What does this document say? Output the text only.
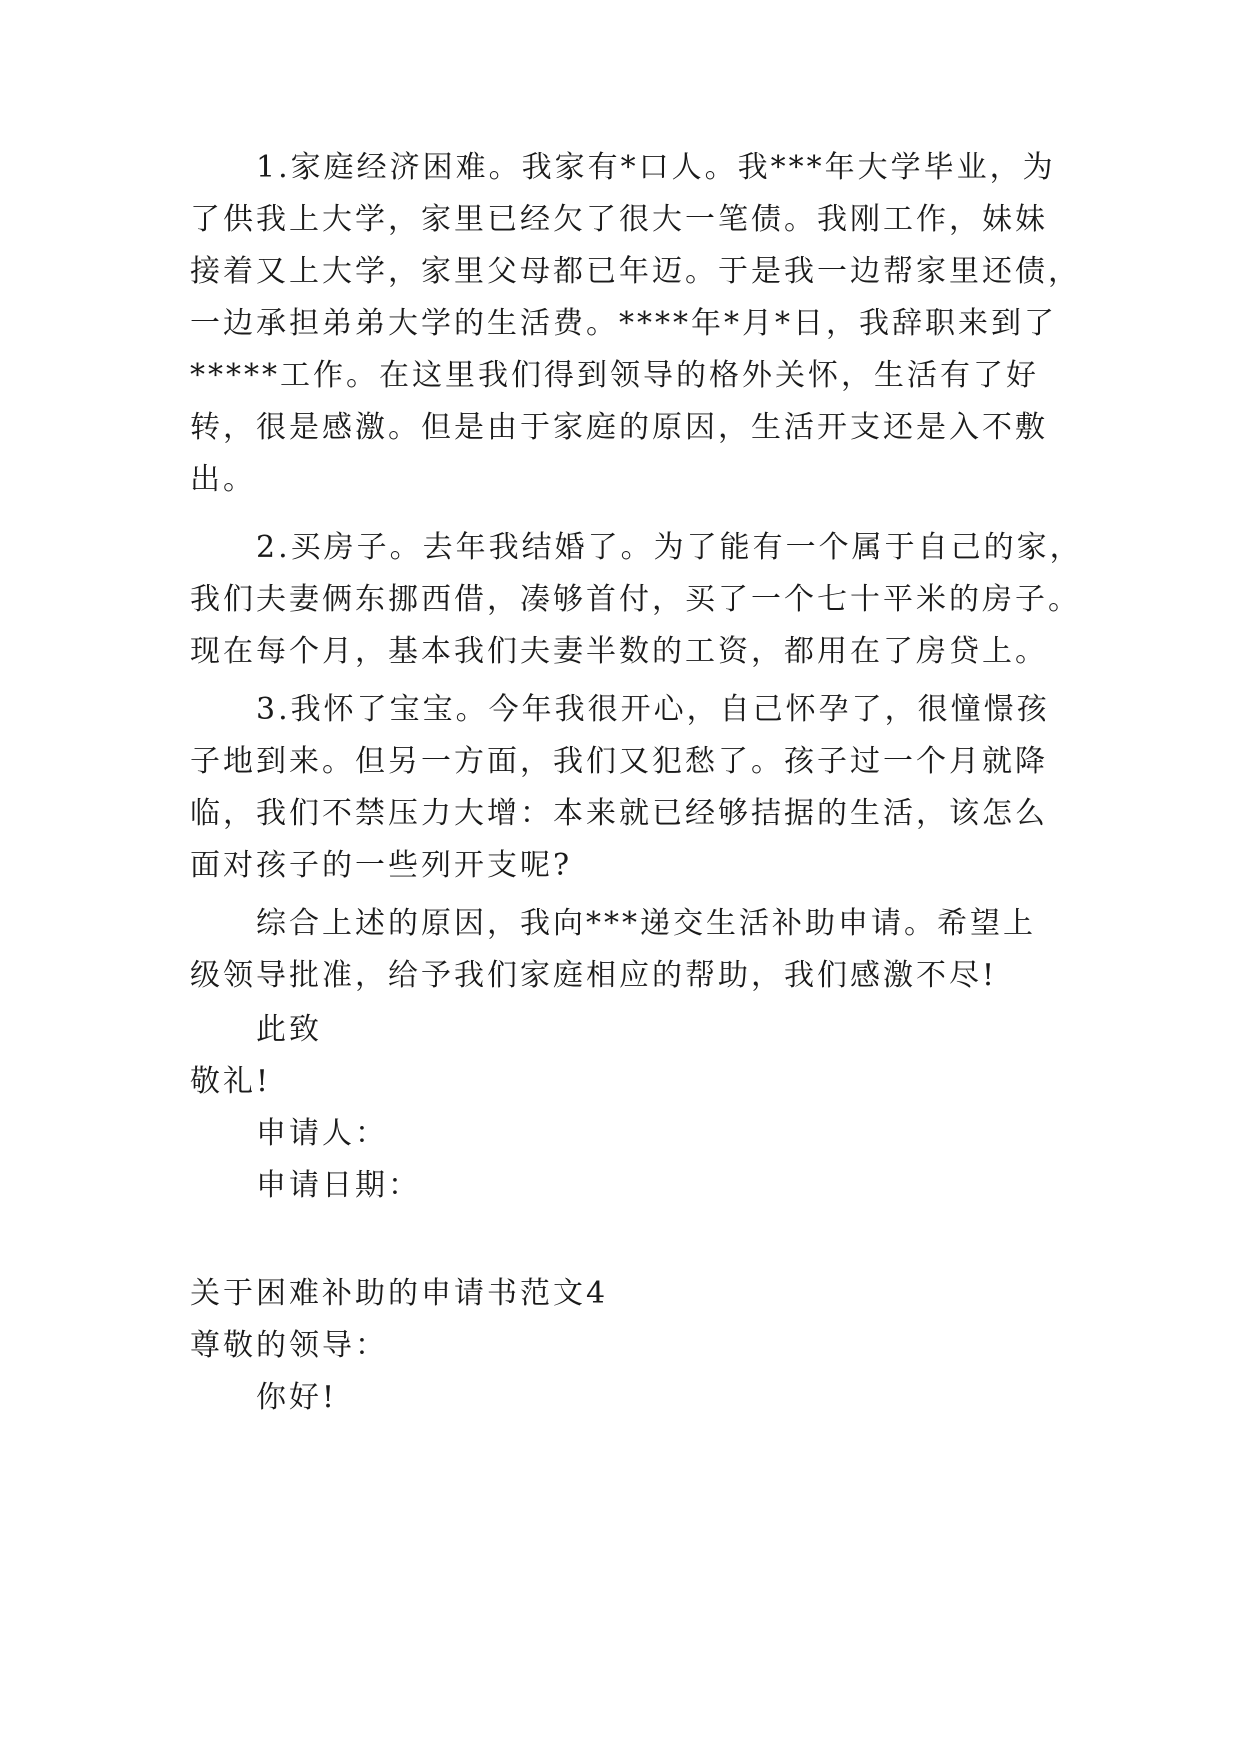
1.家庭经济困难。我家有*口人。我***年大学毕业，为
了供我上大学，家里已经欠了很大一笔债。我刚工作，妹妹
接着又上大学，家里父母都已年迈。于是我一边帮家里还债，
一边承担弟弟大学的生活费。****年*月*日，我辞职来到了
*****工作。在这里我们得到领导的格外关怀，生活有了好
转，很是感激。但是由于家庭的原因，生活开支还是入不敷
出。
2.买房子。去年我结婚了。为了能有一个属于自己的家，
我们夫妻俩东挪西借，凑够首付，买了一个七十平米的房子。
现在每个月，基本我们夫妻半数的工资，都用在了房贷上。
3.我怀了宝宝。今年我很开心，自己怀孕了，很憧憬孩
子地到来。但另一方面，我们又犯愁了。孩子过一个月就降
临，我们不禁压力大增：本来就已经够拮据的生活，该怎么
面对孩子的一些列开支呢?
综合上述的原因，我向***递交生活补助申请。希望上
级领导批准，给予我们家庭相应的帮助，我们感激不尽!
此致
敬礼!
申请人：
申请日期：
关于困难补助的申请书范文4
尊敬的领导：
你好!
